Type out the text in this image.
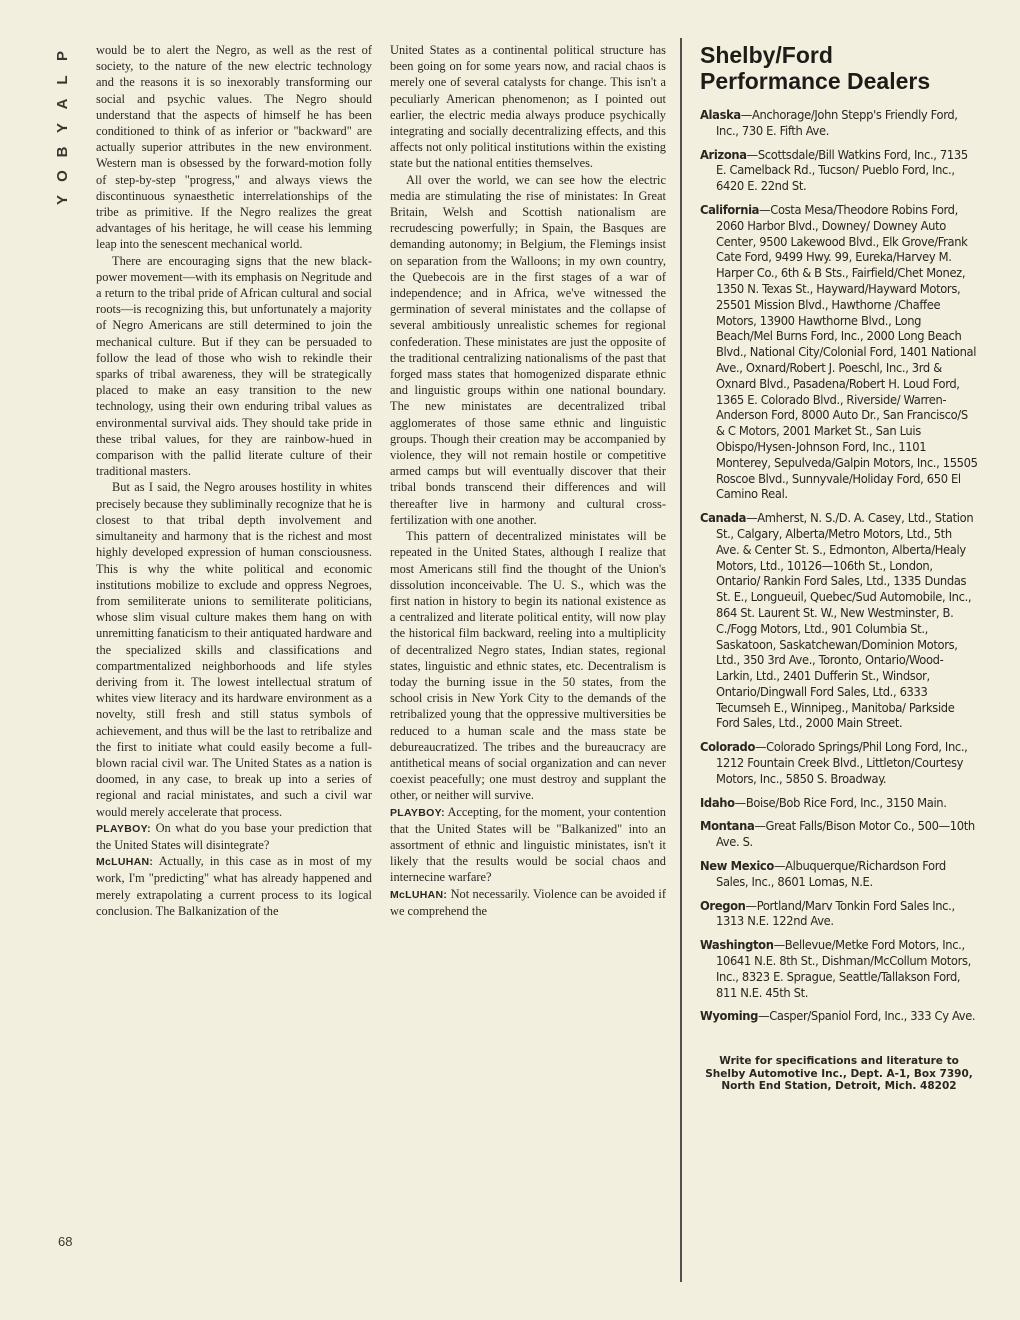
P
L
A
Y
B
O
Y
68

would be to alert the Negro, as well as the rest of society, to the nature of the new electric technology and the reasons it is so inexorably transforming our social and psychic values. The Negro should understand that the aspects of himself he has been conditioned to think of as inferior or "backward" are actually superior attributes in the new environment. Western man is obsessed by the forward-motion folly of step-by-step "progress," and always views the discontinuous synaesthetic interrelationships of the tribe as primitive. If the Negro realizes the great advantages of his heritage, he will cease his lemming leap into the senescent mechanical world.

There are encouraging signs that the new black-power movement—with its emphasis on Negritude and a return to the tribal pride of African cultural and social roots—is recognizing this, but unfortunately a majority of Negro Americans are still determined to join the mechanical culture. But if they can be persuaded to follow the lead of those who wish to rekindle their sparks of tribal awareness, they will be strategically placed to make an easy transition to the new technology, using their own enduring tribal values as environmental survival aids. They should take pride in these tribal values, for they are rainbow-hued in comparison with the pallid literate culture of their traditional masters.

But as I said, the Negro arouses hostility in whites precisely because they subliminally recognize that he is closest to that tribal depth involvement and simultaneity and harmony that is the richest and most highly developed expression of human consciousness. This is why the white political and economic institutions mobilize to exclude and oppress Negroes, from semiliterate unions to semiliterate politicians, whose slim visual culture makes them hang on with unremitting fanaticism to their antiquated hardware and the specialized skills and classifications and compartmentalized neighborhoods and life styles deriving from it. The lowest intellectual stratum of whites view literacy and its hardware environment as a novelty, still fresh and still status symbols of achievement, and thus will be the last to retribalize and the first to initiate what could easily become a full-blown racial civil war. The United States as a nation is doomed, in any case, to break up into a series of regional and racial ministates, and such a civil war would merely accelerate that process.

PLAYBOY: On what do you base your prediction that the United States will disintegrate?

McLUHAN: Actually, in this case as in most of my work, I'm "predicting" what has already happened and merely extrapolating a current process to its logical conclusion. The Balkanization of the

United States as a continental political structure has been going on for some years now, and racial chaos is merely one of several catalysts for change. This isn't a peculiarly American phenomenon; as I pointed out earlier, the electric media always produce psychically integrating and socially decentralizing effects, and this affects not only political institutions within the existing state but the national entities themselves.

All over the world, we can see how the electric media are stimulating the rise of ministates: In Great Britain, Welsh and Scottish nationalism are recrudescing powerfully; in Spain, the Basques are demanding autonomy; in Belgium, the Flemings insist on separation from the Walloons; in my own country, the Quebecois are in the first stages of a war of independence; and in Africa, we've witnessed the germination of several ministates and the collapse of several ambitiously unrealistic schemes for regional confederation. These ministates are just the opposite of the traditional centralizing nationalisms of the past that forged mass states that homogenized disparate ethnic and linguistic groups within one national boundary. The new ministates are decentralized tribal agglomerates of those same ethnic and linguistic groups. Though their creation may be accompanied by violence, they will not remain hostile or competitive armed camps but will eventually discover that their tribal bonds transcend their differences and will thereafter live in harmony and cultural cross-fertilization with one another.

This pattern of decentralized ministates will be repeated in the United States, although I realize that most Americans still find the thought of the Union's dissolution inconceivable. The U. S., which was the first nation in history to begin its national existence as a centralized and literate political entity, will now play the historical film backward, reeling into a multiplicity of decentralized Negro states, Indian states, regional states, linguistic and ethnic states, etc. Decentralism is today the burning issue in the 50 states, from the school crisis in New York City to the demands of the retribalized young that the oppressive multiversities be reduced to a human scale and the mass state be debureaucratized. The tribes and the bureaucracy are antithetical means of social organization and can never coexist peacefully; one must destroy and supplant the other, or neither will survive.

PLAYBOY: Accepting, for the moment, your contention that the United States will be "Balkanized" into an assortment of ethnic and linguistic ministates, isn't it likely that the results would be social chaos and internecine warfare?

McLUHAN: Not necessarily. Violence can be avoided if we comprehend the

Shelby/Ford
Performance Dealers
Alaska—Anchorage/John Stepp's Friendly Ford, Inc., 730 E. Fifth Ave.
Arizona—Scottsdale/Bill Watkins Ford, Inc., 7135 E. Camelback Rd., Tucson/ Pueblo Ford, Inc., 6420 E. 22nd St.
California—Costa Mesa/Theodore Robins Ford, 2060 Harbor Blvd., Downey/ Downey Auto Center, 9500 Lakewood Blvd., Elk Grove/Frank Cate Ford, 9499 Hwy. 99, Eureka/Harvey M. Harper Co., 6th & B Sts., Fairfield/Chet Monez, 1350 N. Texas St., Hayward/Hayward Motors, 25501 Mission Blvd., Hawthorne /Chaffee Motors, 13900 Hawthorne Blvd., Long Beach/Mel Burns Ford, Inc., 2000 Long Beach Blvd., National City/Colonial Ford, 1401 National Ave., Oxnard/Robert J. Poeschl, Inc., 3rd & Oxnard Blvd., Pasadena/Robert H. Loud Ford, 1365 E. Colorado Blvd., Riverside/ Warren-Anderson Ford, 8000 Auto Dr., San Francisco/S & C Motors, 2001 Market St., San Luis Obispo/Hysen-Johnson Ford, Inc., 1101 Monterey, Sepulveda/Galpin Motors, Inc., 15505 Roscoe Blvd., Sunnyvale/Holiday Ford, 650 El Camino Real.
Canada—Amherst, N. S./D. A. Casey, Ltd., Station St., Calgary, Alberta/Metro Motors, Ltd., 5th Ave. & Center St. S., Edmonton, Alberta/Healy Motors, Ltd., 10126—106th St., London, Ontario/ Rankin Ford Sales, Ltd., 1335 Dundas St. E., Longueuil, Quebec/Sud Automobile, Inc., 864 St. Laurent St. W., New Westminster, B. C./Fogg Motors, Ltd., 901 Columbia St., Saskatoon, Saskatchewan/Dominion Motors, Ltd., 350 3rd Ave., Toronto, Ontario/Wood-Larkin, Ltd., 2401 Dufferin St., Windsor, Ontario/Dingwall Ford Sales, Ltd., 6333 Tecumseh E., Winnipeg., Manitoba/ Parkside Ford Sales, Ltd., 2000 Main Street.
Colorado—Colorado Springs/Phil Long Ford, Inc., 1212 Fountain Creek Blvd., Littleton/Courtesy Motors, Inc., 5850 S. Broadway.
Idaho—Boise/Bob Rice Ford, Inc., 3150 Main.
Montana—Great Falls/Bison Motor Co., 500—10th Ave. S.
New Mexico—Albuquerque/Richardson Ford Sales, Inc., 8601 Lomas, N.E.
Oregon—Portland/Marv Tonkin Ford Sales Inc., 1313 N.E. 122nd Ave.
Washington—Bellevue/Metke Ford Motors, Inc., 10641 N.E. 8th St., Dishman/McCollum Motors, Inc., 8323 E. Sprague, Seattle/Tallakson Ford, 811 N.E. 45th St.
Wyoming—Casper/Spaniol Ford, Inc., 333 Cy Ave.
Write for specifications and literature to Shelby Automotive Inc., Dept. A-1, Box 7390, North End Station, Detroit, Mich. 48202
